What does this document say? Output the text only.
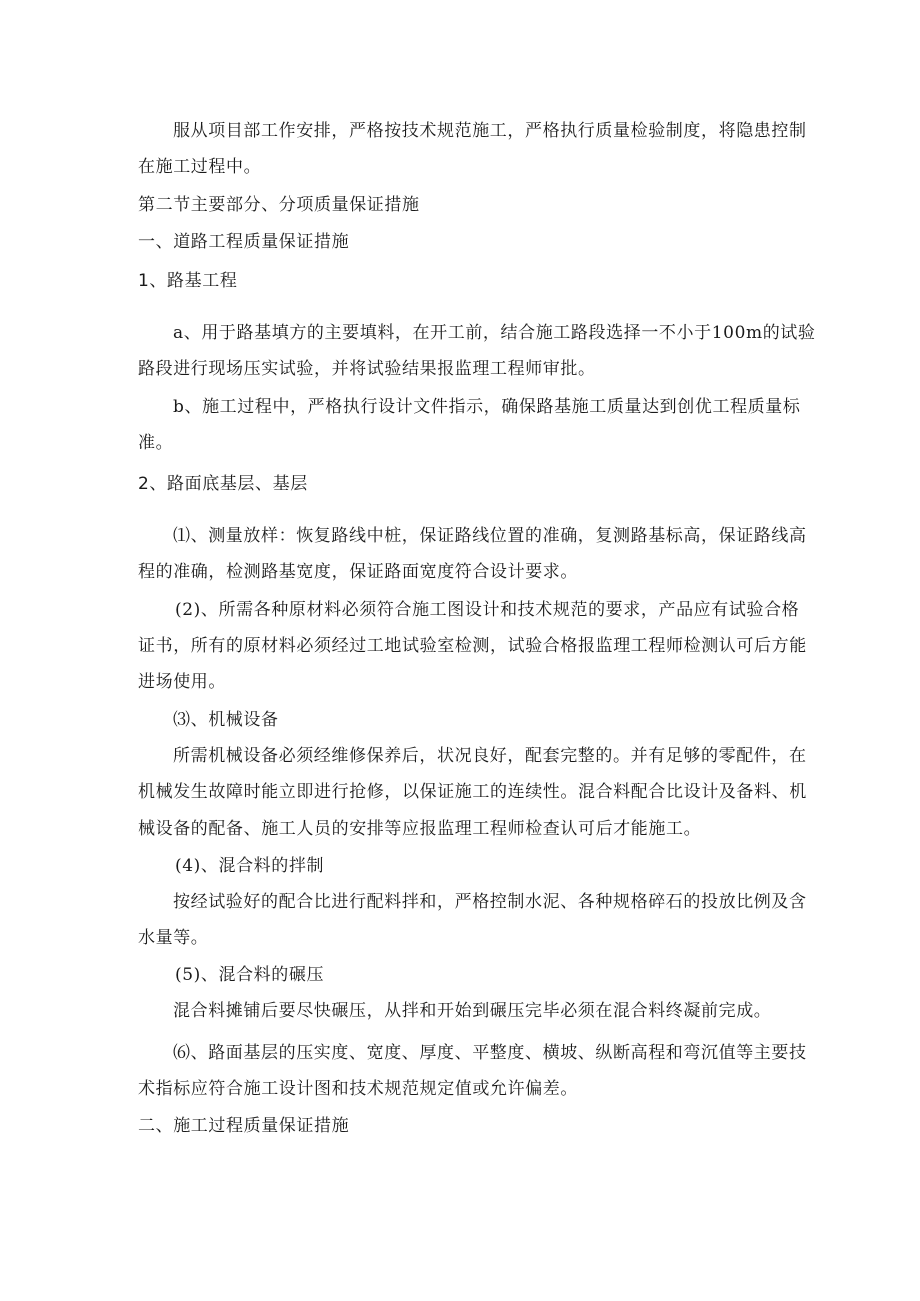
服从项目部工作安排，严格按技术规范施工，严格执行质量检验制度，将隐患控制
在施工过程中。
第二节主要部分、分项质量保证措施
一、道路工程质量保证措施
1、路基工程
a、用于路基填方的主要填料，在开工前，结合施工路段选择一不小于100m的试验
路段进行现场压实试验，并将试验结果报监理工程师审批。
b、施工过程中，严格执行设计文件指示，确保路基施工质量达到创优工程质量标
准。
2、路面底基层、基层
⑴、测量放样：恢复路线中桩，保证路线位置的准确，复测路基标高，保证路线高
程的准确，检测路基宽度，保证路面宽度符合设计要求。
(2)、所需各种原材料必须符合施工图设计和技术规范的要求，产品应有试验合格
证书，所有的原材料必须经过工地试验室检测，试验合格报监理工程师检测认可后方能
进场使用。
⑶、机械设备
所需机械设备必须经维修保养后，状况良好，配套完整的。并有足够的零配件，在
机械发生故障时能立即进行抢修，以保证施工的连续性。混合料配合比设计及备料、机
械设备的配备、施工人员的安排等应报监理工程师检查认可后才能施工。
(4)、混合料的拌制
按经试验好的配合比进行配料拌和，严格控制水泥、各种规格碎石的投放比例及含
水量等。
(5)、混合料的碾压
混合料摊铺后要尽快碾压，从拌和开始到碾压完毕必须在混合料终凝前完成。
⑹、路面基层的压实度、宽度、厚度、平整度、横坡、纵断高程和弯沉值等主要技
术指标应符合施工设计图和技术规范规定值或允许偏差。
二、施工过程质量保证措施
